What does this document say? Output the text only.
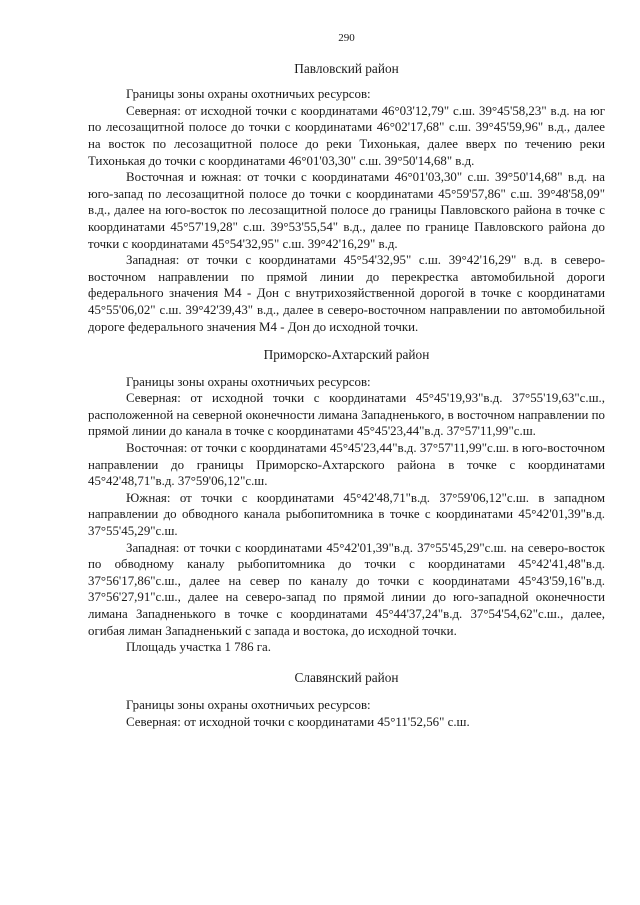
290
Павловский район

Границы зоны охраны охотничьих ресурсов:

Северная: от исходной точки с координатами 46°03'12,79" с.ш. 39°45'58,23" в.д. на юг по лесозащитной полосе до точки с координатами 46°02'17,68" с.ш. 39°45'59,96" в.д., далее на восток по лесозащитной полосе до реки Тихонькая, далее вверх по течению реки Тихонькая до точки с координатами 46°01'03,30" с.ш. 39°50'14,68" в.д.

Восточная и южная: от точки с координатами 46°01'03,30" с.ш. 39°50'14,68" в.д. на юго-запад по лесозащитной полосе до точки с координатами 45°59'57,86" с.ш. 39°48'58,09" в.д., далее на юго-восток по лесозащитной полосе до границы Павловского района в точке с координатами 45°57'19,28" с.ш. 39°53'55,54" в.д., далее по границе Павловского района до точки с координатами 45°54'32,95" с.ш. 39°42'16,29" в.д.

Западная: от точки с координатами 45°54'32,95" с.ш. 39°42'16,29" в.д. в северо-восточном направлении по прямой линии до перекрестка автомобильной дороги федерального значения М4 - Дон с внутрихозяйственной дорогой в точке с координатами 45°55'06,02" с.ш. 39°42'39,43" в.д., далее в северо-восточном направлении по автомобильной дороге федерального значения М4 - Дон до исходной точки.

Приморско-Ахтарский район

Границы зоны охраны охотничьих ресурсов:

Северная: от исходной точки с координатами 45°45'19,93"в.д. 37°55'19,63"с.ш., расположенной на северной оконечности лимана Западненького, в восточном направлении по прямой линии до канала в точке с координатами 45°45'23,44"в.д. 37°57'11,99"с.ш.

Восточная: от точки с координатами 45°45'23,44"в.д. 37°57'11,99"с.ш. в юго-восточном направлении до границы Приморско-Ахтарского района в точке с координатами 45°42'48,71"в.д. 37°59'06,12"с.ш.

Южная: от точки с координатами 45°42'48,71"в.д. 37°59'06,12"с.ш. в западном направлении до обводного канала рыбопитомника в точке с координатами 45°42'01,39"в.д. 37°55'45,29"с.ш.

Западная: от точки с координатами 45°42'01,39"в.д. 37°55'45,29"с.ш. на северо-восток по обводному каналу рыбопитомника до точки с координатами 45°42'41,48"в.д. 37°56'17,86"с.ш., далее на север по каналу до точки с координатами 45°43'59,16"в.д. 37°56'27,91"с.ш., далее на северо-запад по прямой линии до юго-западной оконечности лимана Западненького в точке с координатами 45°44'37,24"в.д. 37°54'54,62"с.ш., далее, огибая лиман Западненький с запада и востока, до исходной точки.

Площадь участка 1 786 га.

Славянский район

Границы зоны охраны охотничьих ресурсов:

Северная: от исходной точки с координатами 45°11'52,56" с.ш.
